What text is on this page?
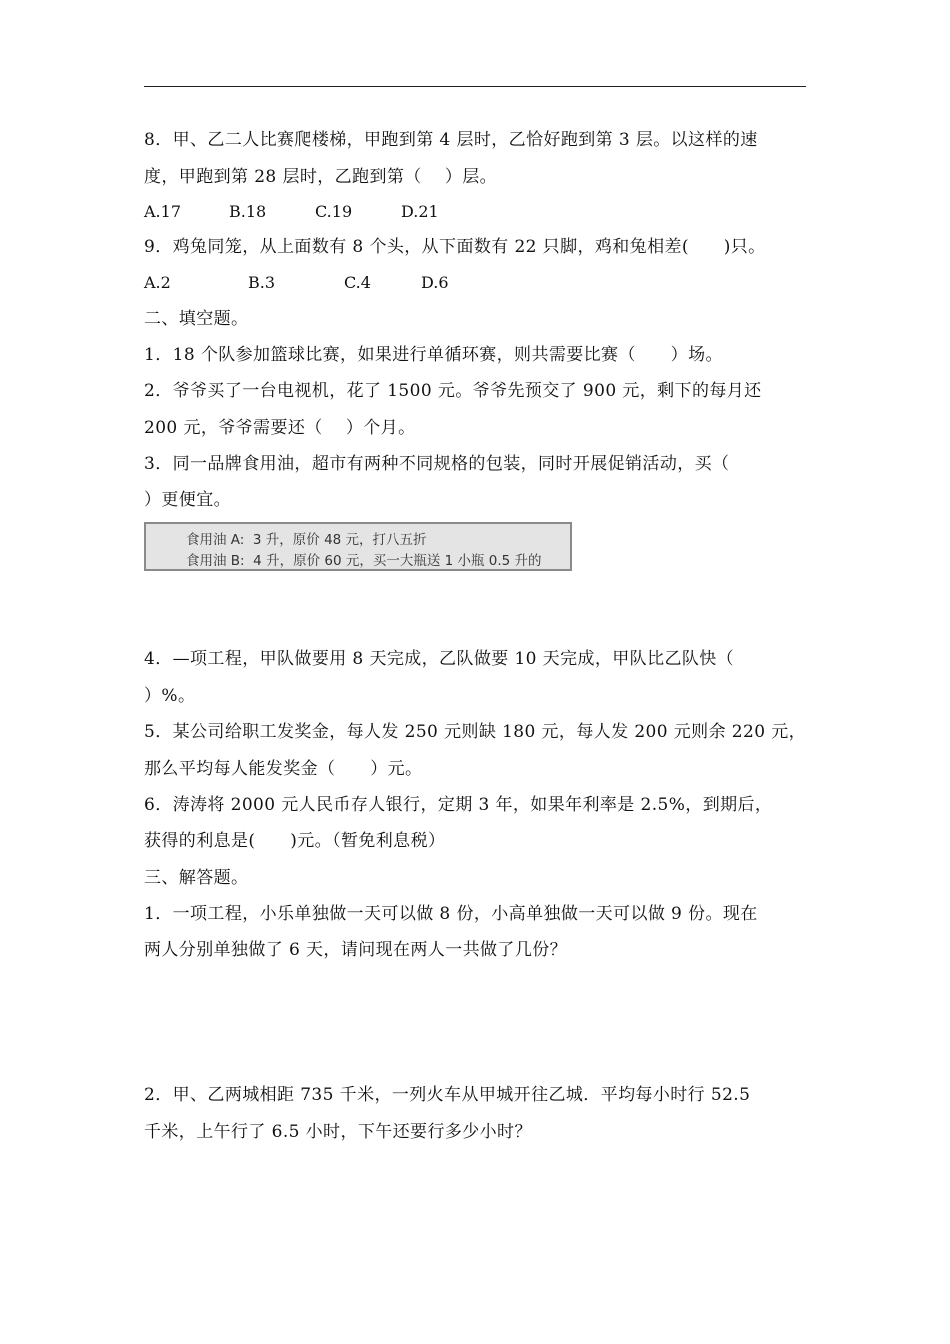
8．甲、乙二人比赛爬楼梯，甲跑到第 4 层时，乙恰好跑到第 3 层。以这样的速
度，甲跑到第 28 层时，乙跑到第（    ）层。
A.17	B.18	C.19	D.21
9．鸡兔同笼，从上面数有 8 个头，从下面数有 22 只脚，鸡和兔相差(      )只。
A.2	B.3	C.4	D.6
二、填空题。
1．18 个队参加篮球比赛，如果进行单循环赛，则共需要比赛（      ）场。
2．爷爷买了一台电视机，花了 1500 元。爷爷先预交了 900 元，剩下的每月还
200 元，爷爷需要还（    ）个月。
3．同一品牌食用油，超市有两种不同规格的包装，同时开展促销活动，买（
）更便宜。
食用油 A:  3 升，原价 48 元，打八五折
食用油 B:  4 升，原价 60 元，买一大瓶送 1 小瓶 0.5 升的
4．—项工程，甲队做要用 8 天完成，乙队做要 10 天完成，甲队比乙队快（
）%。
5．某公司给职工发奖金，每人发 250 元则缺 180 元，每人发 200 元则余 220 元，
那么平均每人能发奖金（      ）元。
6．涛涛将 2000 元人民币存人银行，定期 3 年，如果年利率是 2.5%，到期后，
获得的利息是(      )元。（暂免利息税）
三、解答题。
1．一项工程，小乐单独做一天可以做 8 份，小高单独做一天可以做 9 份。现在
两人分别单独做了 6 天，请问现在两人一共做了几份？
2．甲、乙两城相距 735 千米，一列火车从甲城开往乙城．平均每小时行 52.5
千米，上午行了 6.5 小时，下午还要行多少小时？
